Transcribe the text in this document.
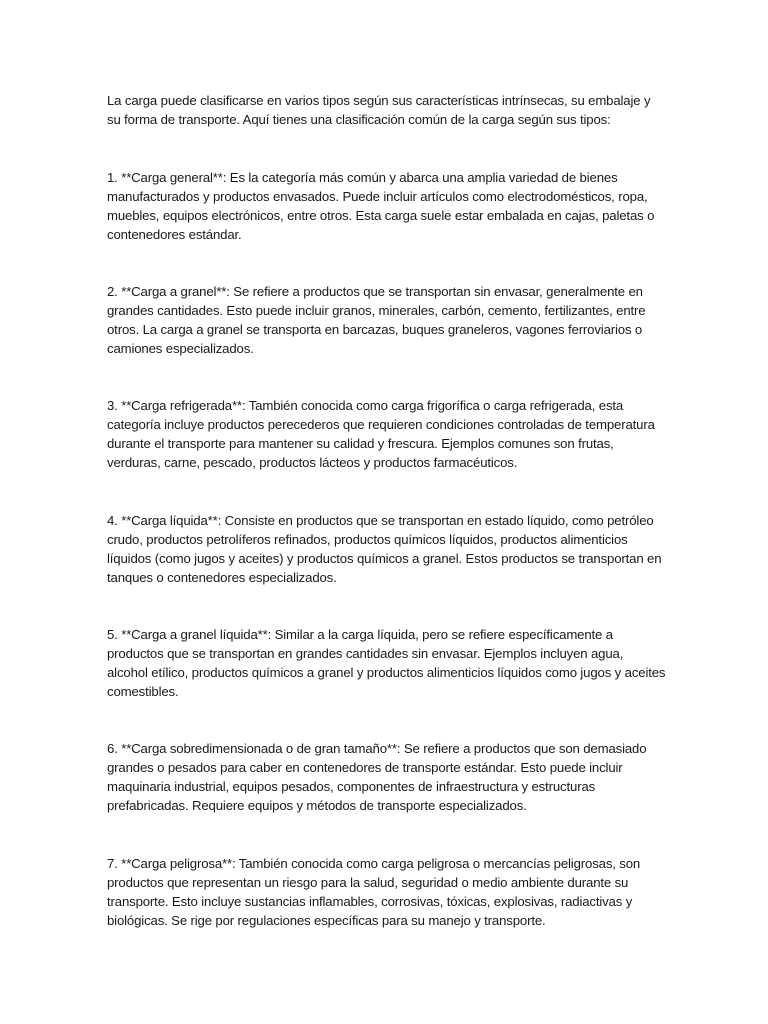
La carga puede clasificarse en varios tipos según sus características intrínsecas, su embalaje y su forma de transporte. Aquí tienes una clasificación común de la carga según sus tipos:

1. **Carga general**: Es la categoría más común y abarca una amplia variedad de bienes manufacturados y productos envasados. Puede incluir artículos como electrodomésticos, ropa, muebles, equipos electrónicos, entre otros. Esta carga suele estar embalada en cajas, paletas o contenedores estándar.

2. **Carga a granel**: Se refiere a productos que se transportan sin envasar, generalmente en grandes cantidades. Esto puede incluir granos, minerales, carbón, cemento, fertilizantes, entre otros. La carga a granel se transporta en barcazas, buques graneleros, vagones ferroviarios o camiones especializados.

3. **Carga refrigerada**: También conocida como carga frigorífica o carga refrigerada, esta categoría incluye productos perecederos que requieren condiciones controladas de temperatura durante el transporte para mantener su calidad y frescura. Ejemplos comunes son frutas, verduras, carne, pescado, productos lácteos y productos farmacéuticos.

4. **Carga líquida**: Consiste en productos que se transportan en estado líquido, como petróleo crudo, productos petrolíferos refinados, productos químicos líquidos, productos alimenticios líquidos (como jugos y aceites) y productos químicos a granel. Estos productos se transportan en tanques o contenedores especializados.

5. **Carga a granel líquida**: Similar a la carga líquida, pero se refiere específicamente a productos que se transportan en grandes cantidades sin envasar. Ejemplos incluyen agua, alcohol etílico, productos químicos a granel y productos alimenticios líquidos como jugos y aceites comestibles.

6. **Carga sobredimensionada o de gran tamaño**: Se refiere a productos que son demasiado grandes o pesados para caber en contenedores de transporte estándar. Esto puede incluir maquinaria industrial, equipos pesados, componentes de infraestructura y estructuras prefabricadas. Requiere equipos y métodos de transporte especializados.

7. **Carga peligrosa**: También conocida como carga peligrosa o mercancías peligrosas, son productos que representan un riesgo para la salud, seguridad o medio ambiente durante su transporte. Esto incluye sustancias inflamables, corrosivas, tóxicas, explosivas, radiactivas y biológicas. Se rige por regulaciones específicas para su manejo y transporte.
